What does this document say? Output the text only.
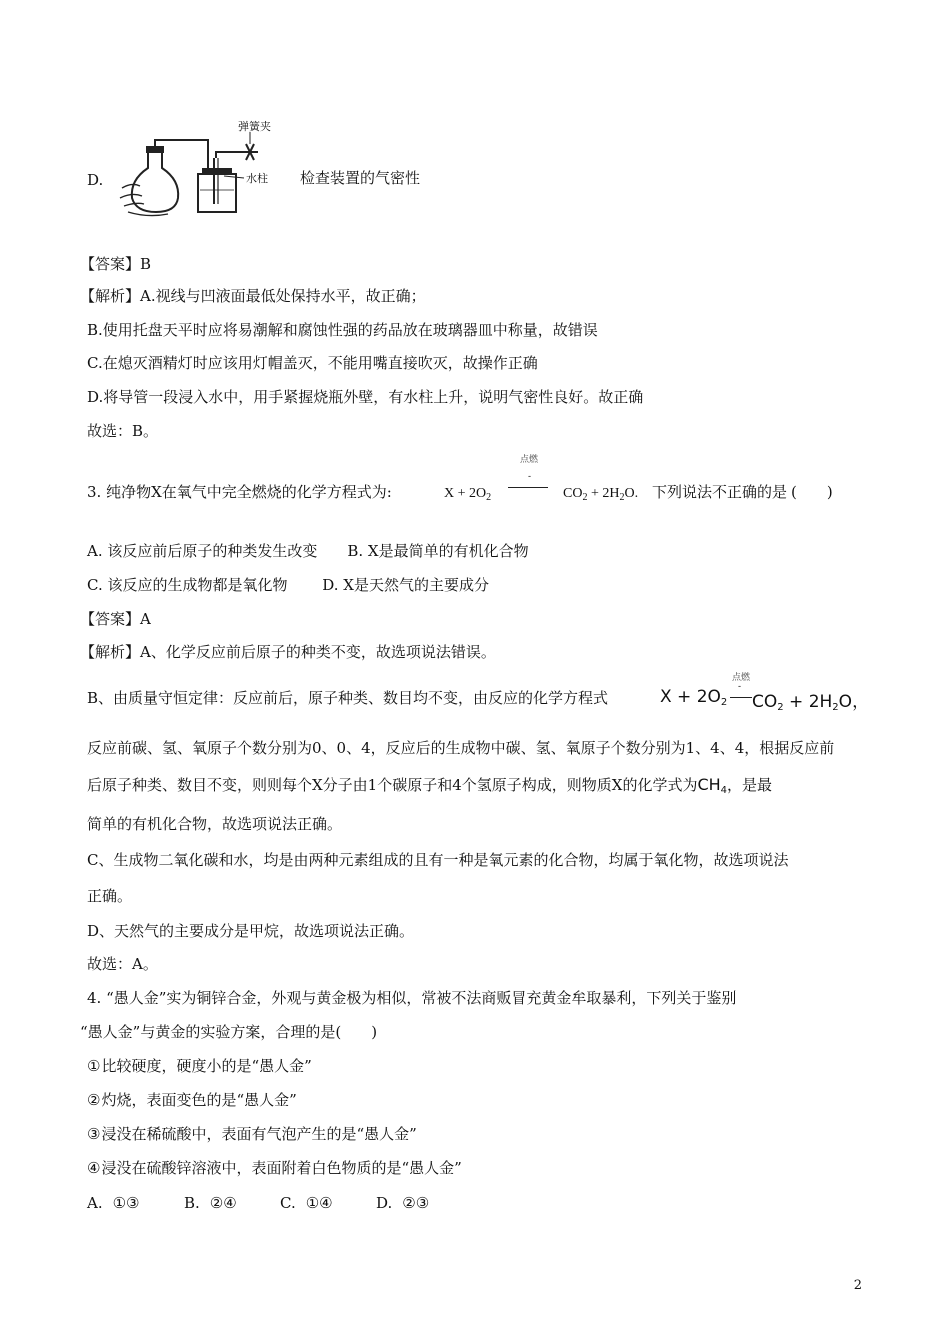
D.
弹簧夹
水柱 检查装置的气密性
【答案】B
【解析】A.视线与凹液面最低处保持水平，故正确；
B.使用托盘天平时应将易潮解和腐蚀性强的药品放在玻璃器皿中称量，故错误
C.在熄灭酒精灯时应该用灯帽盖灭，不能用嘴直接吹灭，故操作正确
D.将导管一段浸入水中，用手紧握烧瓶外壁，有水柱上升，说明气密性良好。故正确
故选：B。
3. 纯净物X在氧气中完全燃烧的化学方程式为:
点燃
-
$X + 2O_2$	$CO_2 + 2H_2O$. 下列说法不正确的是 (　　)
A. 该反应前后原子的种类发生改变　　B. X是最简单的有机化合物
C. 该反应的生成物都是氧化物　　 D. X是天然气的主要成分
【答案】A
【解析】A、化学反应前后原子的种类不变，故选项说法错误。
B、由质量守恒定律：反应前后，原子种类、数目均不变，由反应的化学方程式
点燃
-
$X + 2O_2$ $CO_2 + 2H_2O$，
反应前碳、氢、氧原子个数分别为0、0、4，反应后的生成物中碳、氢、氧原子个数分别为1、4、4，根据反应前
后原子种类、数目不变，则则每个X分子由1个碳原子和4个氢原子构成，则物质X的化学式为$CH_4$，是最
简单的有机化合物，故选项说法正确。
C、生成物二氧化碳和水，均是由两种元素组成的且有一种是氧元素的化合物，均属于氧化物，故选项说法
正确。
D、天然气的主要成分是甲烷，故选项说法正确。
故选：A。
4. “愚人金”实为铜锌合金，外观与黄金极为相似，常被不法商贩冒充黄金牟取暴利，下列关于鉴别
“愚人金”与黄金的实验方案，合理的是(　　)
①比较硬度，硬度小的是“愚人金”
②灼烧，表面变色的是“愚人金”
③浸没在稀硫酸中，表面有气泡产生的是“愚人金”
④浸没在硫酸锌溶液中，表面附着白色物质的是“愚人金”
A. ①③	B. ②④	C. ①④	D. ②③
2
